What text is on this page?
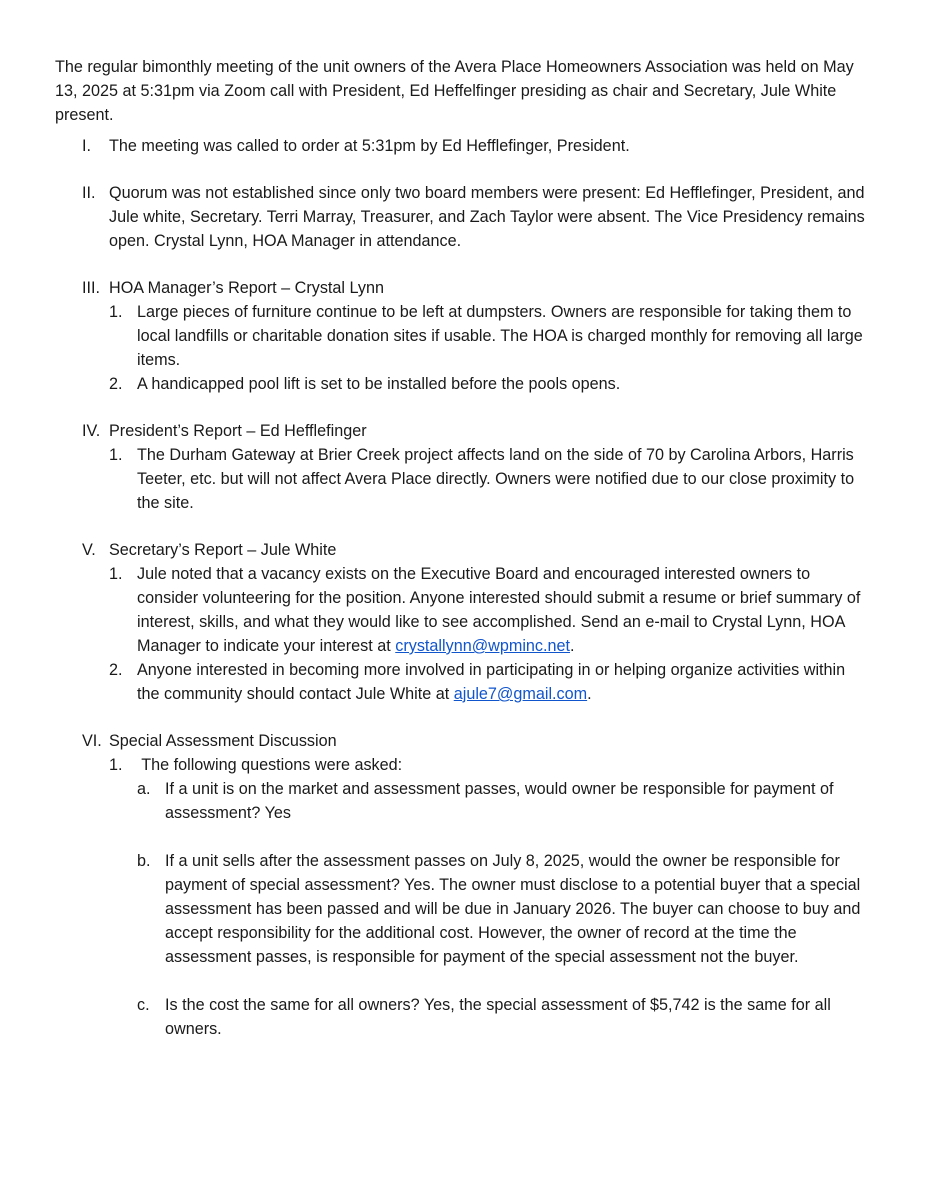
The regular bimonthly meeting of the unit owners of the Avera Place Homeowners Association was held on May 13, 2025 at 5:31pm via Zoom call with President, Ed Heffelfinger presiding as chair and Secretary, Jule White present.

I.	The meeting was called to order at 5:31pm by Ed Hefflefinger, President.
II. Quorum was not established since only two board members were present: Ed Hefflefinger, President, and Jule white, Secretary. Terri Marray, Treasurer, and Zach Taylor were absent. The Vice Presidency remains open. Crystal Lynn, HOA Manager in attendance.
III. HOA Manager’s Report – Crystal Lynn
1. Large pieces of furniture continue to be left at dumpsters. Owners are responsible for taking them to local landfills or charitable donation sites if usable. The HOA is charged monthly for removing all large items.
2. A handicapped pool lift is set to be installed before the pools opens.
IV. President’s Report – Ed Hefflefinger
1. The Durham Gateway at Brier Creek project affects land on the side of 70 by Carolina Arbors, Harris Teeter, etc. but will not affect Avera Place directly. Owners were notified due to our close proximity to the site.
V. Secretary’s Report – Jule White
1. Jule noted that a vacancy exists on the Executive Board and encouraged interested owners to consider volunteering for the position. Anyone interested should submit a resume or brief summary of interest, skills, and what they would like to see accomplished. Send an e-mail to Crystal Lynn, HOA Manager to indicate your interest at crystallynn@wpminc.net.
2. Anyone interested in becoming more involved in participating in or helping organize activities within the community should contact Jule White at ajule7@gmail.com.
VI. Special Assessment Discussion
1. The following questions were asked:
a. If a unit is on the market and assessment passes, would owner be responsible for payment of assessment? Yes
b. If a unit sells after the assessment passes on July 8, 2025, would the owner be responsible for payment of special assessment? Yes. The owner must disclose to a potential buyer that a special assessment has been passed and will be due in January 2026. The buyer can choose to buy and accept responsibility for the additional cost. However, the owner of record at the time the assessment passes, is responsible for payment of the special assessment not the buyer.
c. Is the cost the same for all owners? Yes, the special assessment of $5,742 is the same for all owners.
